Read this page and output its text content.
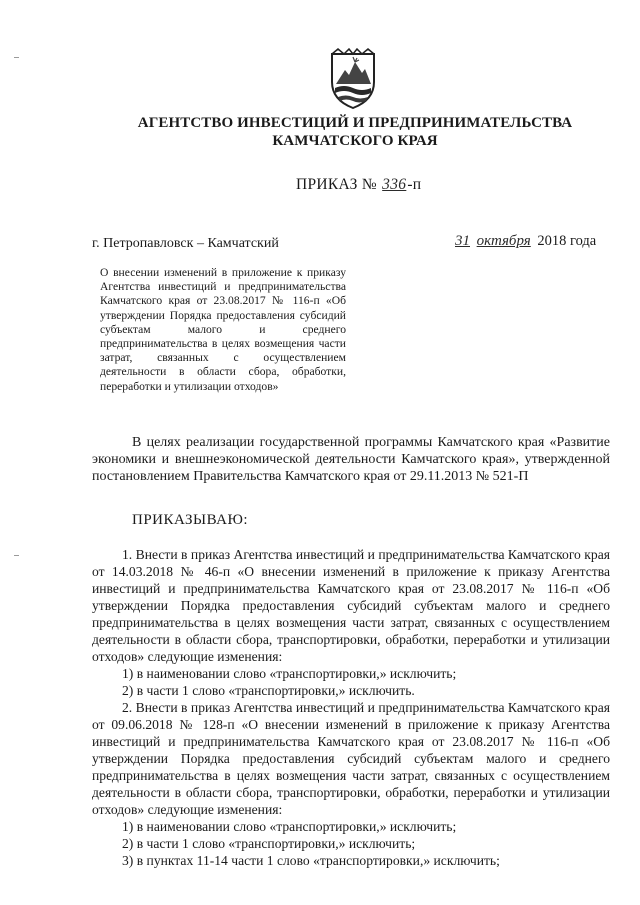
АГЕНТСТВО ИНВЕСТИЦИЙ И ПРЕДПРИНИМАТЕЛЬСТВА
КАМЧАТСКОГО КРАЯ
ПРИКАЗ № 336-п
г. Петропавловск – Камчатский	31 октября 2018 года
О внесении изменений в приложение к приказу Агентства инвестиций и предпринимательства Камчатского края от 23.08.2017 № 116-п «Об утверждении Порядка предоставления субсидий субъектам малого и среднего предпринимательства в целях возмещения части затрат, связанных с осуществлением деятельности в области сбора, обработки, переработки и утилизации отходов»
В целях реализации государственной программы Камчатского края «Развитие экономики и внешнеэкономической деятельности Камчатского края», утвержденной постановлением Правительства Камчатского края от 29.11.2013 № 521-П
ПРИКАЗЫВАЮ:

1. Внести в приказ Агентства инвестиций и предпринимательства Камчатского края от 14.03.2018 № 46-п «О внесении изменений в приложение к приказу Агентства инвестиций и предпринимательства Камчатского края от 23.08.2017 № 116-п «Об утверждении Порядка предоставления субсидий субъектам малого и среднего предпринимательства в целях возмещения части затрат, связанных с осуществлением деятельности в области сбора, транспортировки, обработки, переработки и утилизации отходов» следующие изменения:

1) в наименовании слово «транспортировки,» исключить;

2) в части 1 слово «транспортировки,» исключить.

2. Внести в приказ Агентства инвестиций и предпринимательства Камчатского края от 09.06.2018 № 128-п «О внесении изменений в приложение к приказу Агентства инвестиций и предпринимательства Камчатского края от 23.08.2017 № 116-п «Об утверждении Порядка предоставления субсидий субъектам малого и среднего предпринимательства в целях возмещения части затрат, связанных с осуществлением деятельности в области сбора, транспортировки, обработки, переработки и утилизации отходов» следующие изменения:

1) в наименовании слово «транспортировки,» исключить;

2) в части 1 слово «транспортировки,» исключить;

3) в пунктах 11-14 части 1 слово «транспортировки,» исключить;
